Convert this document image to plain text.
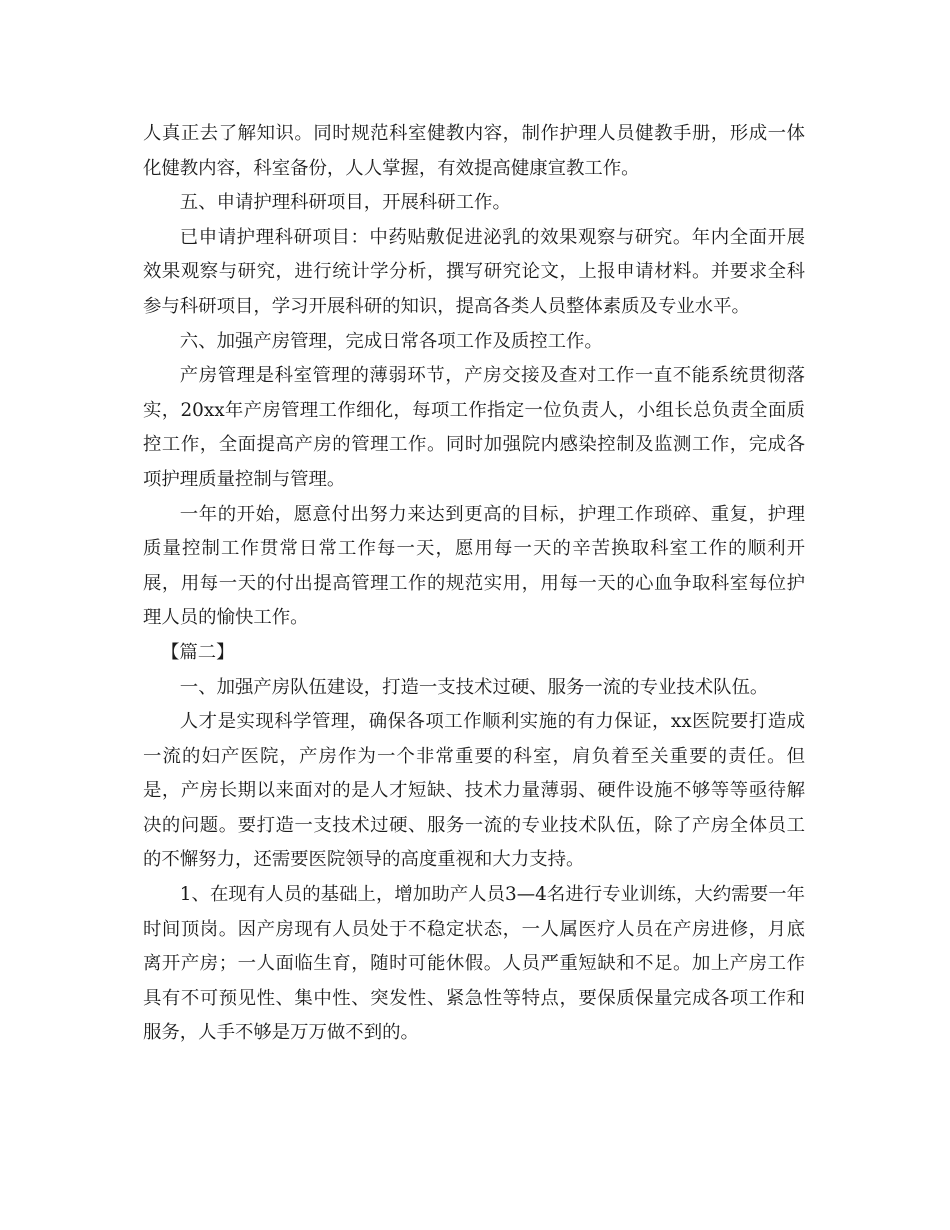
人真正去了解知识。同时规范科室健教内容，制作护理人员健教手册，形成一体化健教内容，科室备份，人人掌握，有效提高健康宣教工作。

五、申请护理科研项目，开展科研工作。

已申请护理科研项目：中药贴敷促进泌乳的效果观察与研究。年内全面开展效果观察与研究，进行统计学分析，撰写研究论文，上报申请材料。并要求全科参与科研项目，学习开展科研的知识，提高各类人员整体素质及专业水平。

六、加强产房管理，完成日常各项工作及质控工作。

产房管理是科室管理的薄弱环节，产房交接及查对工作一直不能系统贯彻落实，20xx年产房管理工作细化，每项工作指定一位负责人，小组长总负责全面质控工作，全面提高产房的管理工作。同时加强院内感染控制及监测工作，完成各项护理质量控制与管理。

一年的开始，愿意付出努力来达到更高的目标，护理工作琐碎、重复，护理质量控制工作贯常日常工作每一天，愿用每一天的辛苦换取科室工作的顺利开展，用每一天的付出提高管理工作的规范实用，用每一天的心血争取科室每位护理人员的愉快工作。

【篇二】

一、加强产房队伍建设，打造一支技术过硬、服务一流的专业技术队伍。

人才是实现科学管理，确保各项工作顺利实施的有力保证，xx医院要打造成一流的妇产医院，产房作为一个非常重要的科室，肩负着至关重要的责任。但是，产房长期以来面对的是人才短缺、技术力量薄弱、硬件设施不够等等亟待解决的问题。要打造一支技术过硬、服务一流的专业技术队伍，除了产房全体员工的不懈努力，还需要医院领导的高度重视和大力支持。

1、在现有人员的基础上，增加助产人员3—4名进行专业训练，大约需要一年时间顶岗。因产房现有人员处于不稳定状态，一人属医疗人员在产房进修，月底离开产房；一人面临生育，随时可能休假。人员严重短缺和不足。加上产房工作具有不可预见性、集中性、突发性、紧急性等特点，要保质保量完成各项工作和服务，人手不够是万万做不到的。
